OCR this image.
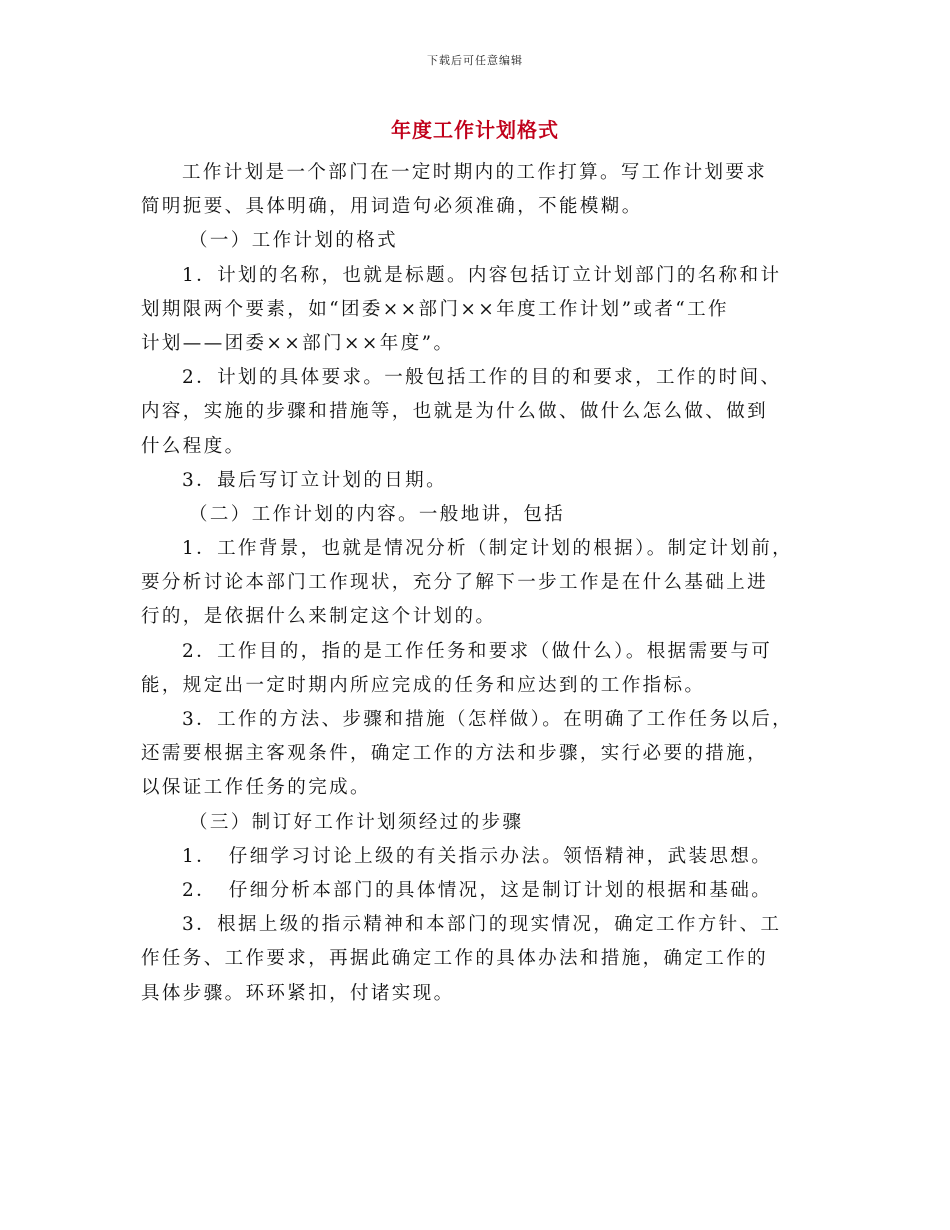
下载后可任意编辑
年度工作计划格式
工作计划是一个部门在一定时期内的工作打算。写工作计划要求
简明扼要、具体明确，用词造句必须准确，不能模糊。
（一）工作计划的格式
1．计划的名称，也就是标题。内容包括订立计划部门的名称和计
划期限两个要素，如“团委××部门××年度工作计划”或者“工作
计划——团委××部门××年度”。
2．计划的具体要求。一般包括工作的目的和要求，工作的时间、
内容，实施的步骤和措施等，也就是为什么做、做什么怎么做、做到
什么程度。
3．最后写订立计划的日期。
（二）工作计划的内容。一般地讲，包括
1．工作背景，也就是情况分析（制定计划的根据）。制定计划前，
要分析讨论本部门工作现状，充分了解下一步工作是在什么基础上进
行的，是依据什么来制定这个计划的。
2．工作目的，指的是工作任务和要求（做什么）。根据需要与可
能，规定出一定时期内所应完成的任务和应达到的工作指标。
3．工作的方法、步骤和措施（怎样做）。在明确了工作任务以后，
还需要根据主客观条件，确定工作的方法和步骤，实行必要的措施，
以保证工作任务的完成。
（三）制订好工作计划须经过的步骤
1．　仔细学习讨论上级的有关指示办法。领悟精神，武装思想。
2．　仔细分析本部门的具体情况，这是制订计划的根据和基础。
3．根据上级的指示精神和本部门的现实情况，确定工作方针、工
作任务、工作要求，再据此确定工作的具体办法和措施，确定工作的
具体步骤。环环紧扣，付诸实现。
